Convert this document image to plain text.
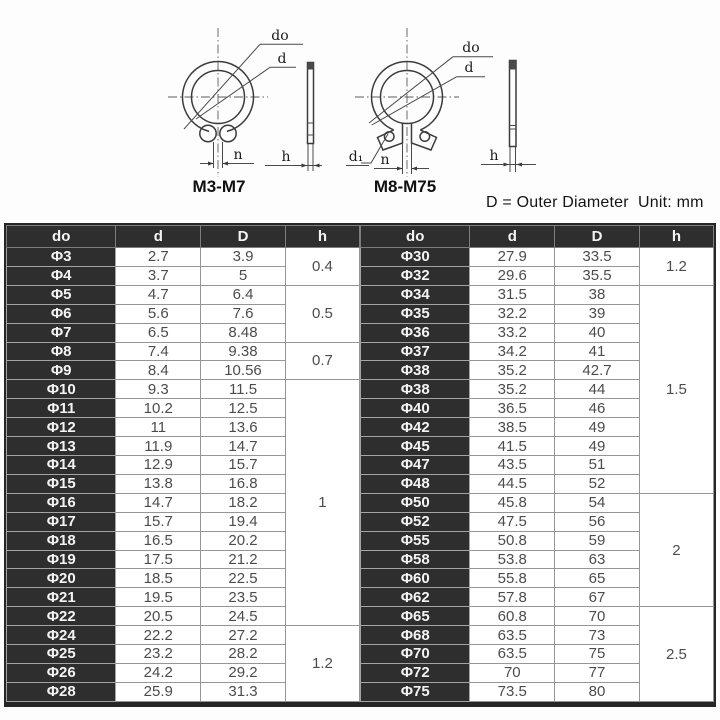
do
d
n
M3-M7
h
do
d
d₁ n
M8-M75
h
D = Outer Diameter  Unit: mm
do	d	D	h
Φ3	2.7	3.9	0.4
Φ4	3.7	5	
Φ5	4.7	6.4	0.5
Φ6	5.6	7.6	
Φ7	6.5	8.48	
Φ8	7.4	9.38	0.7
Φ9	8.4	10.56	
Φ10	9.3	11.5	1
Φ11	10.2	12.5	
Φ12	11	13.6	
Φ13	11.9	14.7	
Φ14	12.9	15.7	
Φ15	13.8	16.8	
Φ16	14.7	18.2	
Φ17	15.7	19.4	
Φ18	16.5	20.2	
Φ19	17.5	21.2	
Φ20	18.5	22.5	
Φ21	19.5	23.5	
Φ22	20.5	24.5	
Φ24	22.2	27.2	1.2
Φ25	23.2	28.2	
Φ26	24.2	29.2	
Φ28	25.9	31.3	
do	d	D	h
Φ30	27.9	33.5	1.2
Φ32	29.6	35.5	
Φ34	31.5	38	1.5
Φ35	32.2	39	
Φ36	33.2	40	
Φ37	34.2	41	
Φ38	35.2	42.7	
Φ38	35.2	44	
Φ40	36.5	46	
Φ42	38.5	49	
Φ45	41.5	49	
Φ47	43.5	51	
Φ48	44.5	52	
Φ50	45.8	54	2
Φ52	47.5	56	
Φ55	50.8	59	
Φ58	53.8	63	
Φ60	55.8	65	
Φ62	57.8	67	
Φ65	60.8	70	2.5
Φ68	63.5	73	
Φ70	63.5	75	
Φ72	70	77	
Φ75	73.5	80	
